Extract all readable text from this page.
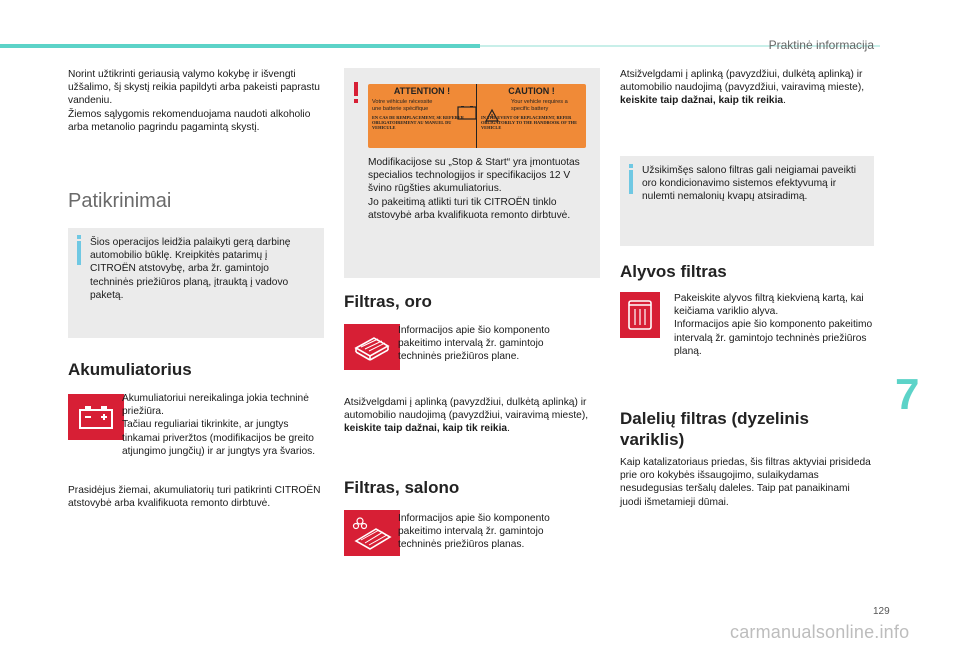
Praktinė informacija
Norint užtikrinti geriausią valymo kokybę ir išvengti užšalimo, šį skystį reikia papildyti arba pakeisti paprastu vandeniu.
Žiemos sąlygomis rekomenduojama naudoti alkoholio arba metanolio pagrindu pagamintą skystį.
Patikrinimai
Šios operacijos leidžia palaikyti gerą darbinę automobilio būklę. Kreipkitės patarimų į CITROËN atstovybę, arba žr. gamintojo techninės priežiūros planą, įtrauktą į vadovo paketą.
Akumuliatorius
Akumuliatoriui nereikalinga jokia techninė priežiūra.
Tačiau reguliariai tikrinkite, ar jungtys tinkamai priveržtos (modifikacijos be greito atjungimo jungčių) ir ar jungtys yra švarios.
Prasidėjus žiemai, akumuliatorių turi patikrinti CITROËN atstovybė arba kvalifikuota remonto dirbtuvė.
ATTENTION !
Votre véhicule nécessite une batterie spécifique
EN CAS DE REMPLACEMENT, SE REFERER OBLIGATOIREMENT AU MANUEL DU VEHICULE
CAUTION !
Your vehicle requires a specific battery
IN THE EVENT OF REPLACEMENT, REFER OBLIGATORILY TO THE HANDBOOK OF THE VEHICLE
Modifikacijose su „Stop & Start“ yra įmontuotas specialios technologijos ir specifikacijos 12 V švino rūgšties akumuliatorius.
Jo pakeitimą atlikti turi tik CITROËN tinklo atstovybė arba kvalifikuota remonto dirbtuvė.
Filtras, oro
Informacijos apie šio komponento pakeitimo intervalą žr. gamintojo techninės priežiūros plane.
Atsižvelgdami į aplinką (pavyzdžiui, dulkėtą aplinką) ir automobilio naudojimą (pavyzdžiui, vairavimą mieste), keiskite taip dažnai, kaip tik reikia.
Filtras, salono
Informacijos apie šio komponento pakeitimo intervalą žr. gamintojo techninės priežiūros planas.
Atsižvelgdami į aplinką (pavyzdžiui, dulkėtą aplinką) ir automobilio naudojimą (pavyzdžiui, vairavimą mieste), keiskite taip dažnai, kaip tik reikia.
Užsikimšęs salono filtras gali neigiamai paveikti oro kondicionavimo sistemos efektyvumą ir nulemti nemalonių kvapų atsiradimą.
Alyvos filtras
Pakeiskite alyvos filtrą kiekvieną kartą, kai keičiama variklio alyva.
Informacijos apie šio komponento pakeitimo intervalą žr. gamintojo techninės priežiūros planą.
Dalelių filtras (dyzelinis variklis)
Kaip katalizatoriaus priedas, šis filtras aktyviai prisideda prie oro kokybės išsaugojimo, sulaikydamas nesudegusias teršalų daleles. Taip pat panaikinami juodi išmetamieji dūmai.
7
129
carmanualsonline.info
